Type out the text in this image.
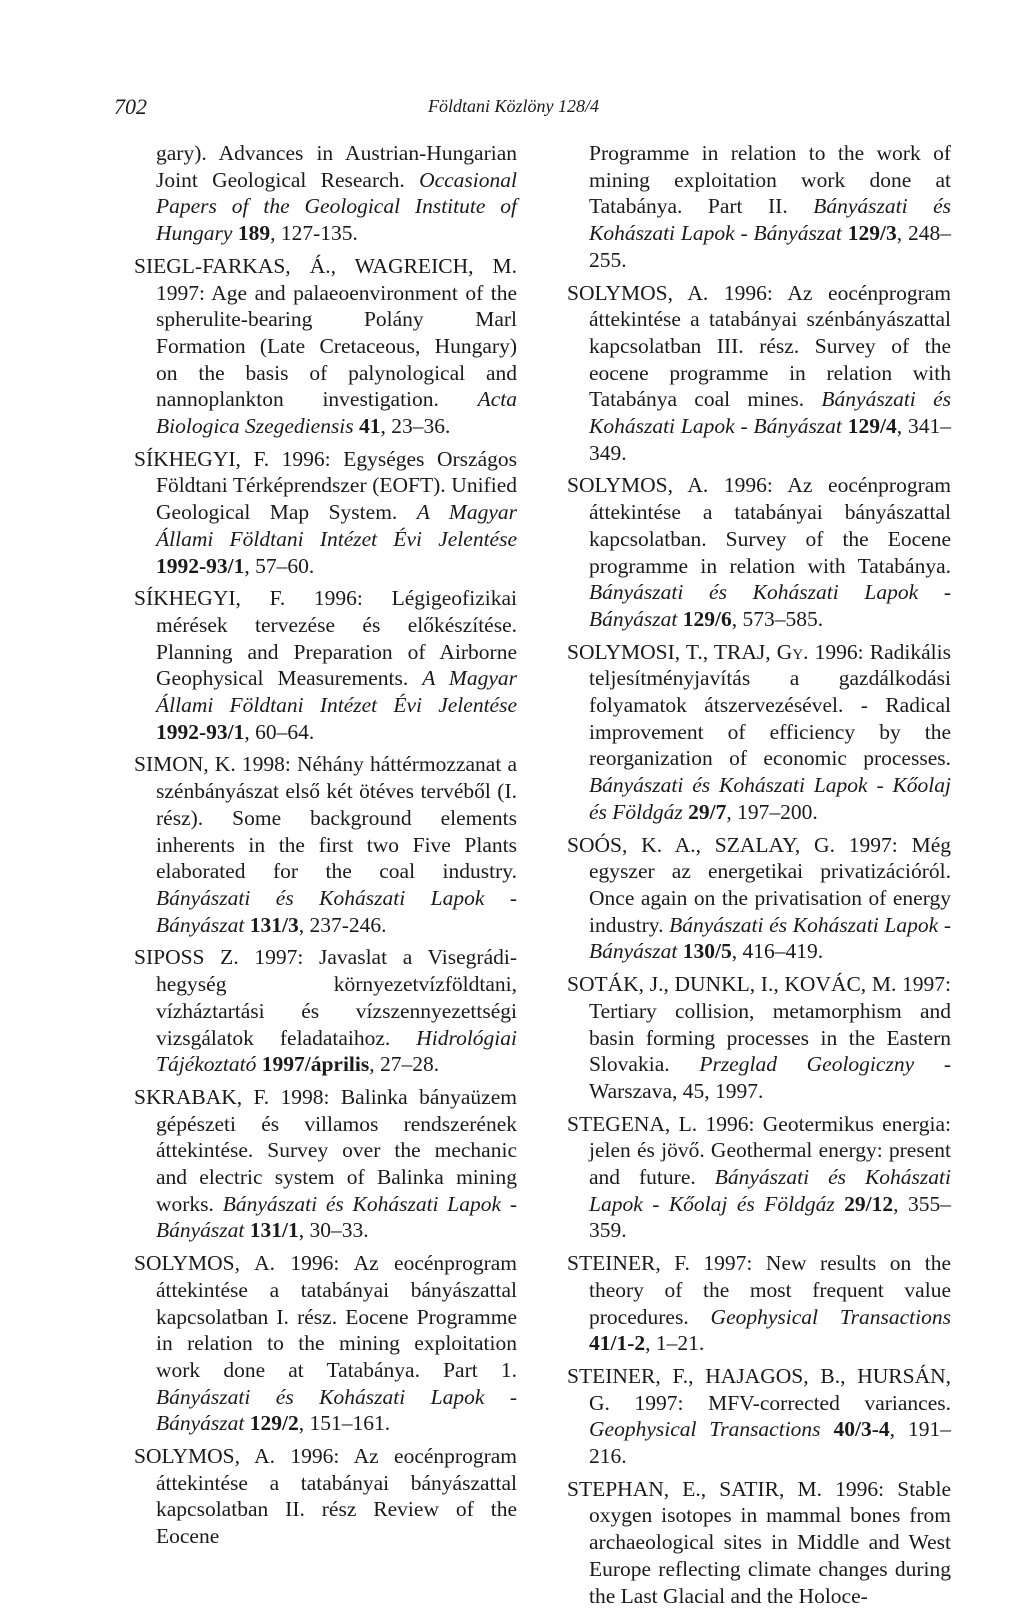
702	Földtani Közlöny 128/4

gary). Advances in Austrian-Hungarian Joint Geological Research. Occasional Papers of the Geological Institute of Hungary 189, 127-135.

SIEGL-FARKAS, Á., WAGREICH, M. 1997: Age and palaeoenvironment of the spherulite-bearing Polány Marl Formation (Late Cretaceous, Hungary) on the basis of palynological and nannoplankton investigation. Acta Biologica Szegediensis 41, 23–36.

SÍKHEGYI, F. 1996: Egységes Országos Földtani Térképrendszer (EOFT). Unified Geological Map System. A Magyar Állami Földtani Intézet Évi Jelentése 1992-93/1, 57–60.

SÍKHEGYI, F. 1996: Légigeofizikai mérések tervezése és előkészítése. Planning and Preparation of Airborne Geophysical Measurements. A Magyar Állami Földtani Intézet Évi Jelentése 1992-93/1, 60–64.

SIMON, K. 1998: Néhány háttérmozzanat a szénbányászat első két ötéves tervéből (I. rész). Some background elements inherents in the first two Five Plants elaborated for the coal industry. Bányászati és Kohászati Lapok - Bányászat 131/3, 237-246.

SIPOSS Z. 1997: Javaslat a Visegrádi-hegység környezetvízföldtani, vízháztartási és vízszennyezettségi vizsgálatok feladataihoz. Hidrológiai Tájékoztató 1997/április, 27–28.

SKRABAK, F. 1998: Balinka bányaüzem gépészeti és villamos rendszerének áttekintése. Survey over the mechanic and electric system of Balinka mining works. Bányászati és Kohászati Lapok - Bányászat 131/1, 30–33.

SOLYMOS, A. 1996: Az eocénprogram áttekintése a tatabányai bányászattal kapcsolatban I. rész. Eocene Programme in relation to the mining exploitation work done at Tatabánya. Part 1. Bányászati és Kohászati Lapok - Bányászat 129/2, 151–161.

SOLYMOS, A. 1996: Az eocénprogram áttekintése a tatabányai bányászattal kapcsolatban II. rész Review of the Eocene

Programme in relation to the work of mining exploitation work done at Tatabánya. Part II. Bányászati és Kohászati Lapok - Bányászat 129/3, 248–255.

SOLYMOS, A. 1996: Az eocénprogram áttekintése a tatabányai szénbányászattal kapcsolatban III. rész. Survey of the eocene programme in relation with Tatabánya coal mines. Bányászati és Kohászati Lapok - Bányászat 129/4, 341–349.

SOLYMOS, A. 1996: Az eocénprogram áttekintése a tatabányai bányászattal kapcsolatban. Survey of the Eocene programme in relation with Tatabánya. Bányászati és Kohászati Lapok - Bányászat 129/6, 573–585.

SOLYMOSI, T., TRAJ, Gy. 1996: Radikális teljesítményjavítás a gazdálkodási folyamatok átszervezésével. - Radical improvement of efficiency by the reorganization of economic processes. Bányászati és Kohászati Lapok - Kőolaj és Földgáz 29/7, 197–200.

SOÓS, K. A., SZALAY, G. 1997: Még egyszer az energetikai privatizációról. Once again on the privatisation of energy industry. Bányászati és Kohászati Lapok - Bányászat 130/5, 416–419.

SOTÁK, J., DUNKL, I., KOVÁC, M. 1997: Tertiary collision, metamorphism and basin forming processes in the Eastern Slovakia. Przeglad Geologiczny - Warszava, 45, 1997.

STEGENA, L. 1996: Geotermikus energia: jelen és jövő. Geothermal energy: present and future. Bányászati és Kohászati Lapok - Kőolaj és Földgáz 29/12, 355–359.

STEINER, F. 1997: New results on the theory of the most frequent value procedures. Geophysical Transactions 41/1-2, 1–21.

STEINER, F., HAJAGOS, B., HURSÁN, G. 1997: MFV-corrected variances. Geophysical Transactions 40/3-4, 191–216.

STEPHAN, E., SATIR, M. 1996: Stable oxygen isotopes in mammal bones from archaeological sites in Middle and West Europe reflecting climate changes during the Last Glacial and the Holoce-
